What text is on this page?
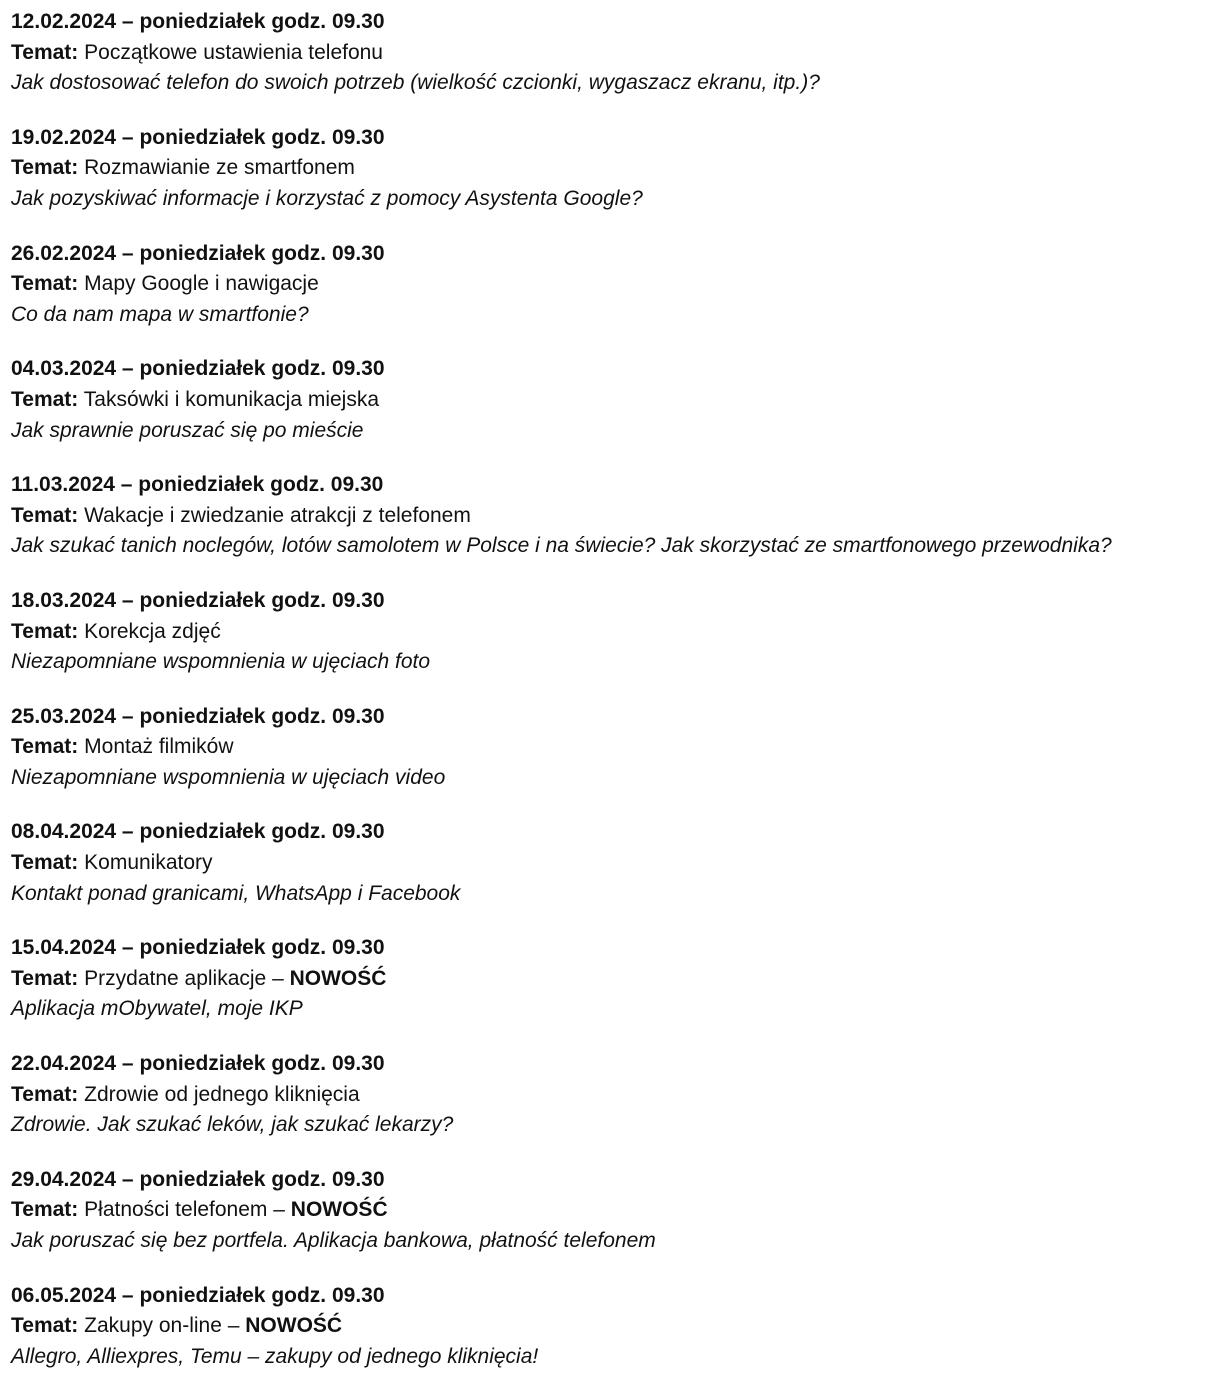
12.02.2024 – poniedziałek godz. 09.30
Temat: Początkowe ustawienia telefonu
Jak dostosować telefon do swoich potrzeb (wielkość czcionki, wygaszacz ekranu, itp.)?
19.02.2024 – poniedziałek godz. 09.30
Temat: Rozmawianie ze smartfonem
Jak pozyskiwać informacje i korzystać z pomocy Asystenta Google?
26.02.2024 – poniedziałek godz. 09.30
Temat: Mapy Google i nawigacje
Co da nam mapa w smartfonie?
04.03.2024 – poniedziałek godz. 09.30
Temat: Taksówki i komunikacja miejska
Jak sprawnie poruszać się po mieście
11.03.2024 – poniedziałek godz. 09.30
Temat: Wakacje i zwiedzanie atrakcji z telefonem
Jak szukać tanich noclegów, lotów samolotem w Polsce i na świecie? Jak skorzystać ze smartfonowego przewodnika?
18.03.2024 – poniedziałek godz. 09.30
Temat: Korekcja zdjęć
Niezapomniane wspomnienia w ujęciach foto
25.03.2024 – poniedziałek godz. 09.30
Temat: Montaż filmików
Niezapomniane wspomnienia w ujęciach video
08.04.2024 – poniedziałek godz. 09.30
Temat: Komunikatory
Kontakt ponad granicami, WhatsApp i Facebook
15.04.2024 – poniedziałek godz. 09.30
Temat: Przydatne aplikacje – NOWOŚĆ
Aplikacja mObywatel, moje IKP
22.04.2024 – poniedziałek godz. 09.30
Temat: Zdrowie od jednego kliknięcia
Zdrowie. Jak szukać leków, jak szukać lekarzy?
29.04.2024 – poniedziałek godz. 09.30
Temat: Płatności telefonem – NOWOŚĆ
Jak poruszać się bez portfela. Aplikacja bankowa, płatność telefonem
06.05.2024 – poniedziałek godz. 09.30
Temat: Zakupy on-line – NOWOŚĆ
Allegro, Alliexpres, Temu – zakupy od jednego kliknięcia!
